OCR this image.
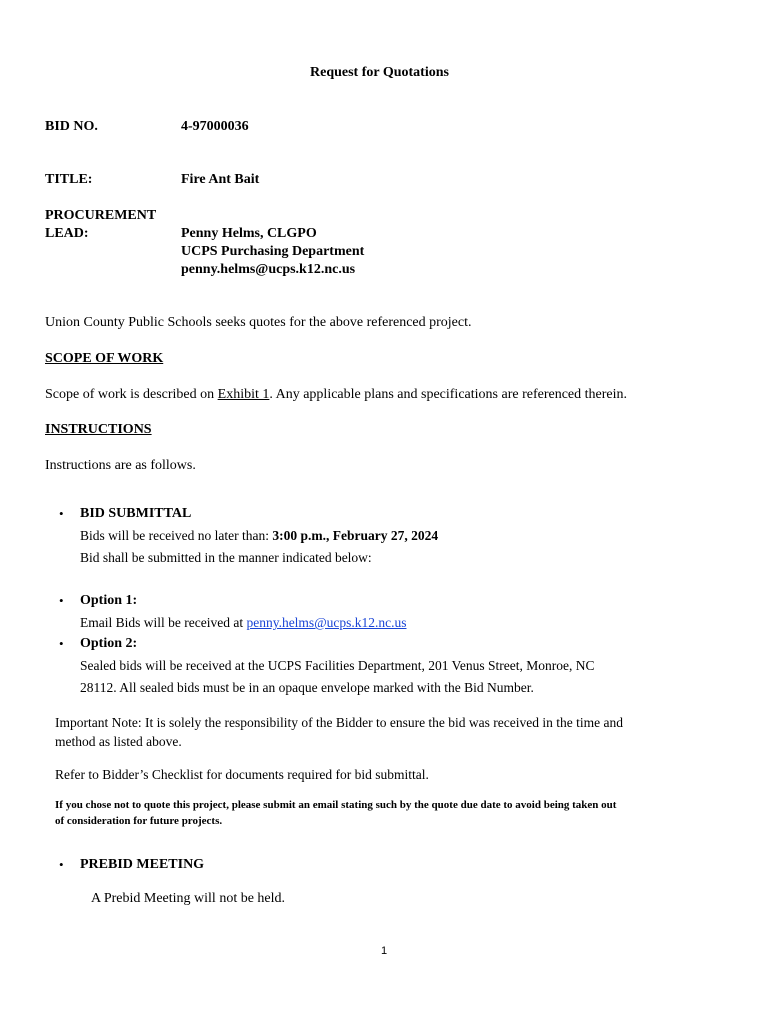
Request for Quotations
BID NO.	4-97000036
TITLE:	Fire Ant Bait
PROCUREMENT
LEAD:	Penny Helms, CLGPO
UCPS Purchasing Department
penny.helms@ucps.k12.nc.us
Union County Public Schools seeks quotes for the above referenced project.
SCOPE OF WORK
Scope of work is described on Exhibit 1. Any applicable plans and specifications are referenced therein.
INSTRUCTIONS
Instructions are as follows.
• BID SUBMITTAL
Bids will be received no later than: 3:00 p.m., February 27, 2024
Bid shall be submitted in the manner indicated below:
• Option 1:
Email Bids will be received at penny.helms@ucps.k12.nc.us
• Option 2:
Sealed bids will be received at the UCPS Facilities Department, 201 Venus Street, Monroe, NC
28112. All sealed bids must be in an opaque envelope marked with the Bid Number.
Important Note: It is solely the responsibility of the Bidder to ensure the bid was received in the time and
method as listed above.
Refer to Bidder’s Checklist for documents required for bid submittal.
If you chose not to quote this project, please submit an email stating such by the quote due date to avoid being taken out
of consideration for future projects.
• PREBID MEETING
A Prebid Meeting will not be held.
1
